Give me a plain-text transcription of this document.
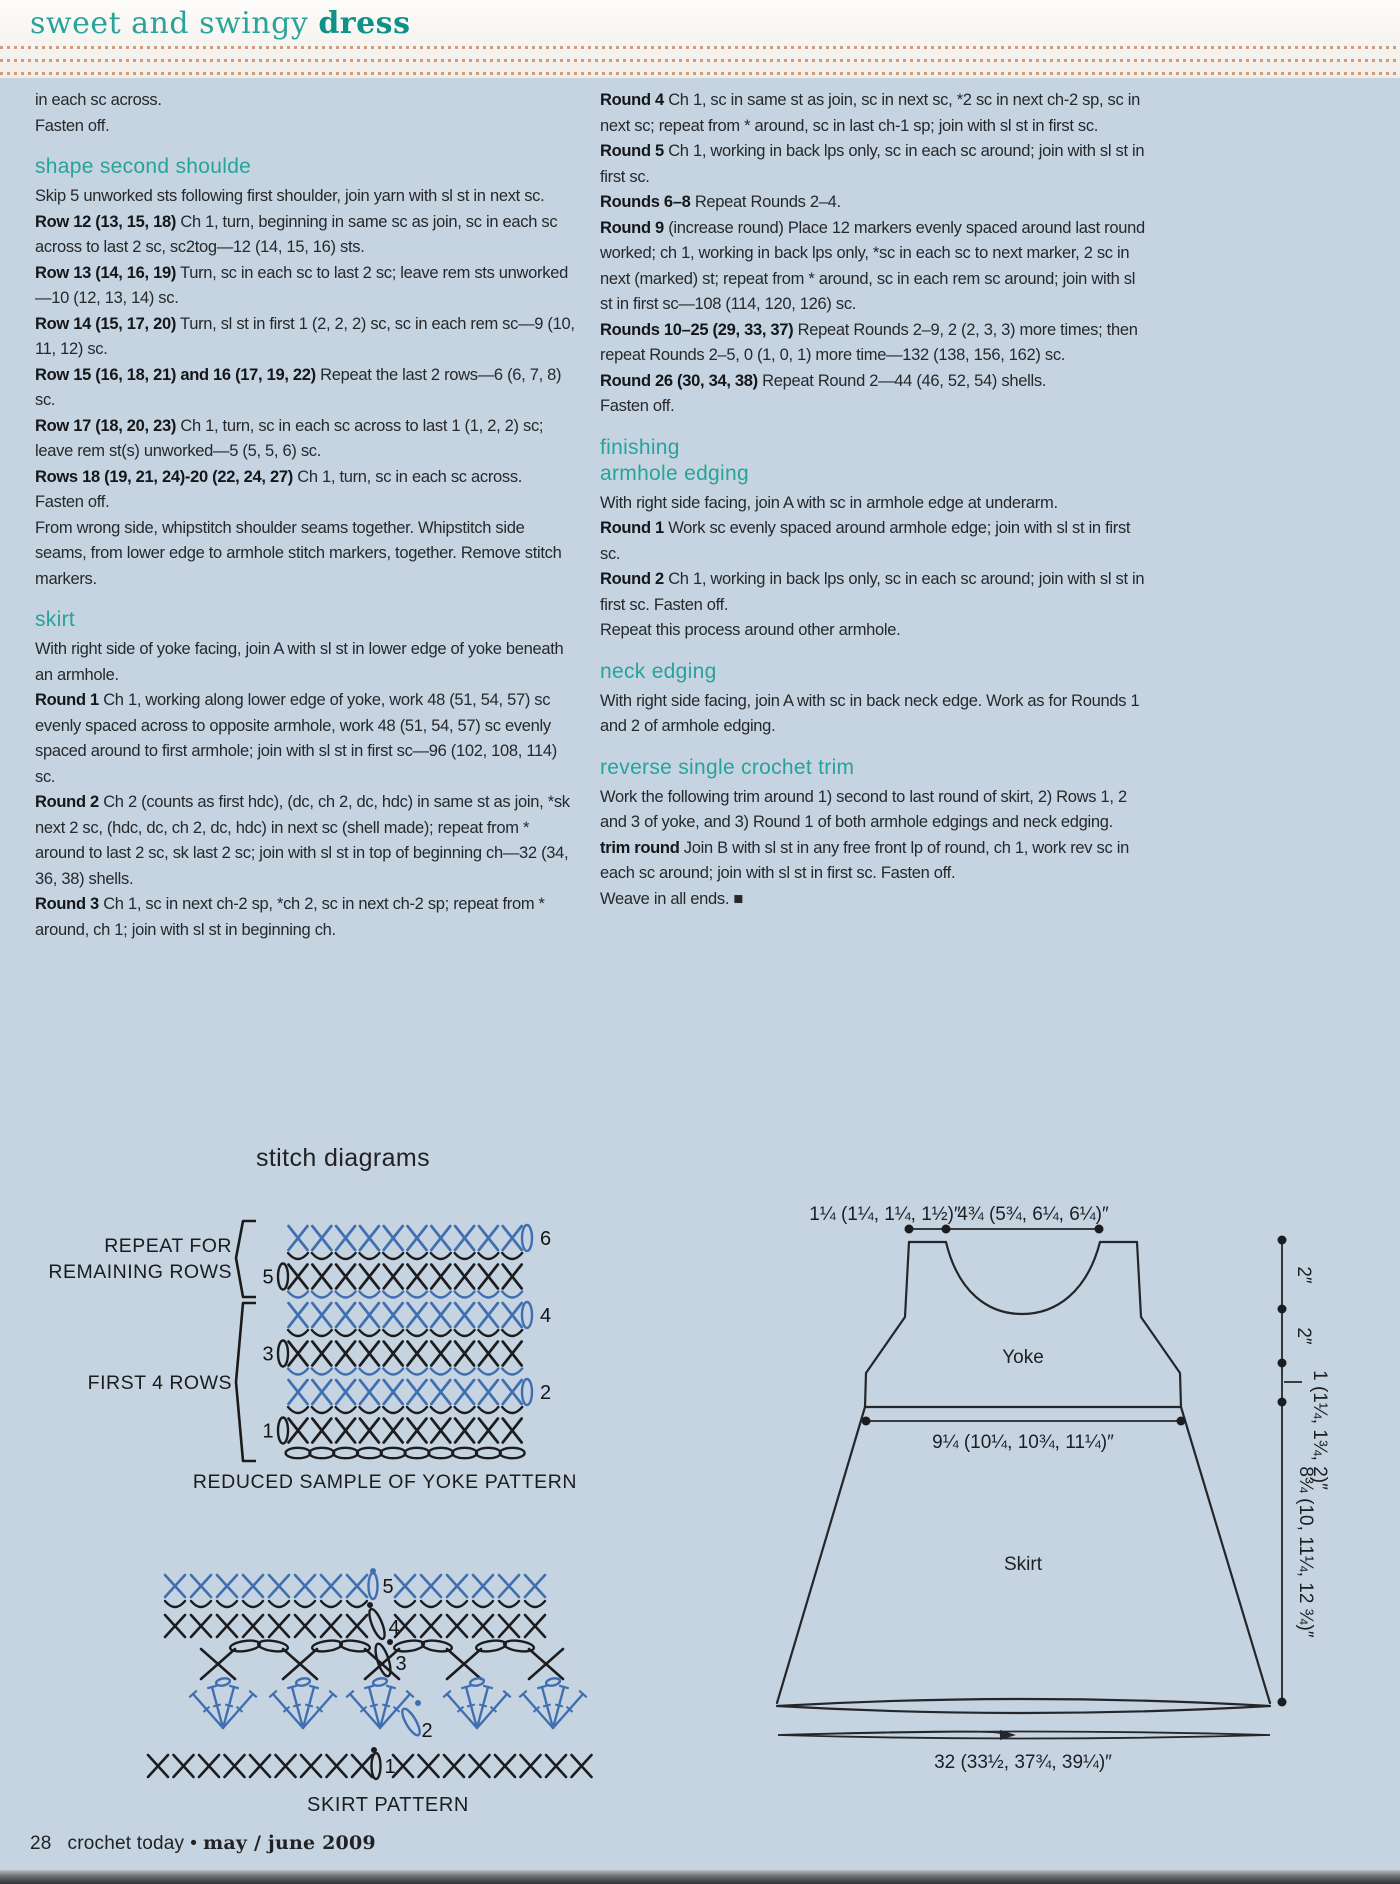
sweet and swingy dress

in each sc across.

Fasten off.

shape second shoulde

Skip 5 unworked sts following first shoulder, join yarn with sl st in next sc.

Row 12 (13, 15, 18) Ch 1, turn, beginning in same sc as join, sc in each sc across to last 2 sc, sc2tog—12 (14, 15, 16) sts.

Row 13 (14, 16, 19) Turn, sc in each sc to last 2 sc; leave rem sts unworked—10 (12, 13, 14) sc.

Row 14 (15, 17, 20) Turn, sl st in first 1 (2, 2, 2) sc, sc in each rem sc—9 (10, 11, 12) sc.

Row 15 (16, 18, 21) and 16 (17, 19, 22) Repeat the last 2 rows—6 (6, 7, 8) sc.

Row 17 (18, 20, 23) Ch 1, turn, sc in each sc across to last 1 (1, 2, 2) sc; leave rem st(s) unworked—5 (5, 5, 6) sc.

Rows 18 (19, 21, 24)-20 (22, 24, 27) Ch 1, turn, sc in each sc across.

Fasten off.

From wrong side, whipstitch shoulder seams together. Whipstitch side seams, from lower edge to armhole stitch markers, together. Remove stitch markers.

skirt

With right side of yoke facing, join A with sl st in lower edge of yoke beneath an armhole.

Round 1 Ch 1, working along lower edge of yoke, work 48 (51, 54, 57) sc evenly spaced across to opposite armhole, work 48 (51, 54, 57) sc evenly spaced around to first armhole; join with sl st in first sc—96 (102, 108, 114) sc.

Round 2 Ch 2 (counts as first hdc), (dc, ch 2, dc, hdc) in same st as join, *sk next 2 sc, (hdc, dc, ch 2, dc, hdc) in next sc (shell made); repeat from * around to last 2 sc, sk last 2 sc; join with sl st in top of beginning ch—32 (34, 36, 38) shells.

Round 3 Ch 1, sc in next ch-2 sp, *ch 2, sc in next ch-2 sp; repeat from * around, ch 1; join with sl st in beginning ch.

Round 4 Ch 1, sc in same st as join, sc in next sc, *2 sc in next ch-2 sp, sc in next sc; repeat from * around, sc in last ch-1 sp; join with sl st in first sc.

Round 5 Ch 1, working in back lps only, sc in each sc around; join with sl st in first sc.

Rounds 6–8 Repeat Rounds 2–4.

Round 9 (increase round) Place 12 markers evenly spaced around last round worked; ch 1, working in back lps only, *sc in each sc to next marker, 2 sc in next (marked) st; repeat from * around, sc in each rem sc around; join with sl st in first sc—108 (114, 120, 126) sc.

Rounds 10–25 (29, 33, 37) Repeat Rounds 2–9, 2 (2, 3, 3) more times; then repeat Rounds 2–5, 0 (1, 0, 1) more time—132 (138, 156, 162) sc.

Round 26 (30, 34, 38) Repeat Round 2—44 (46, 52, 54) shells.

Fasten off.

finishing
armhole edging

With right side facing, join A with sc in armhole edge at underarm.

Round 1 Work sc evenly spaced around armhole edge; join with sl st in first sc.

Round 2 Ch 1, working in back lps only, sc in each sc around; join with sl st in first sc. Fasten off.

Repeat this process around other armhole.

neck edging

With right side facing, join A with sc in back neck edge. Work as for Rounds 1 and 2 of armhole edging.

reverse single crochet trim

Work the following trim around 1) second to last round of skirt, 2) Rows 1, 2 and 3 of yoke, and 3) Round 1 of both armhole edgings and neck edging.

trim round Join B with sl st in any free front lp of round, ch 1, work rev sc in each sc around; join with sl st in first sc. Fasten off.

Weave in all ends. ■

stitch diagrams
REPEAT FOR
REMAINING ROWS
FIRST 4 ROWS
6
5
4
3
2
1
REDUCED SAMPLE OF YOKE PATTERN
5
4
3
2
1
SKIRT PATTERN
1¼ (1¼, 1¼, 1½)″
4¾ (5¾, 6¼, 6¼)″
Yoke
9¼ (10¼, 10¾, 11¼)″
Skirt
32 (33½, 37¾, 39¼)″
2″
2″
1 (1¼, 1¾, 2)″
8¾ (10, 11¼, 12 ¾)″
28 crochet today • may / june 2009
